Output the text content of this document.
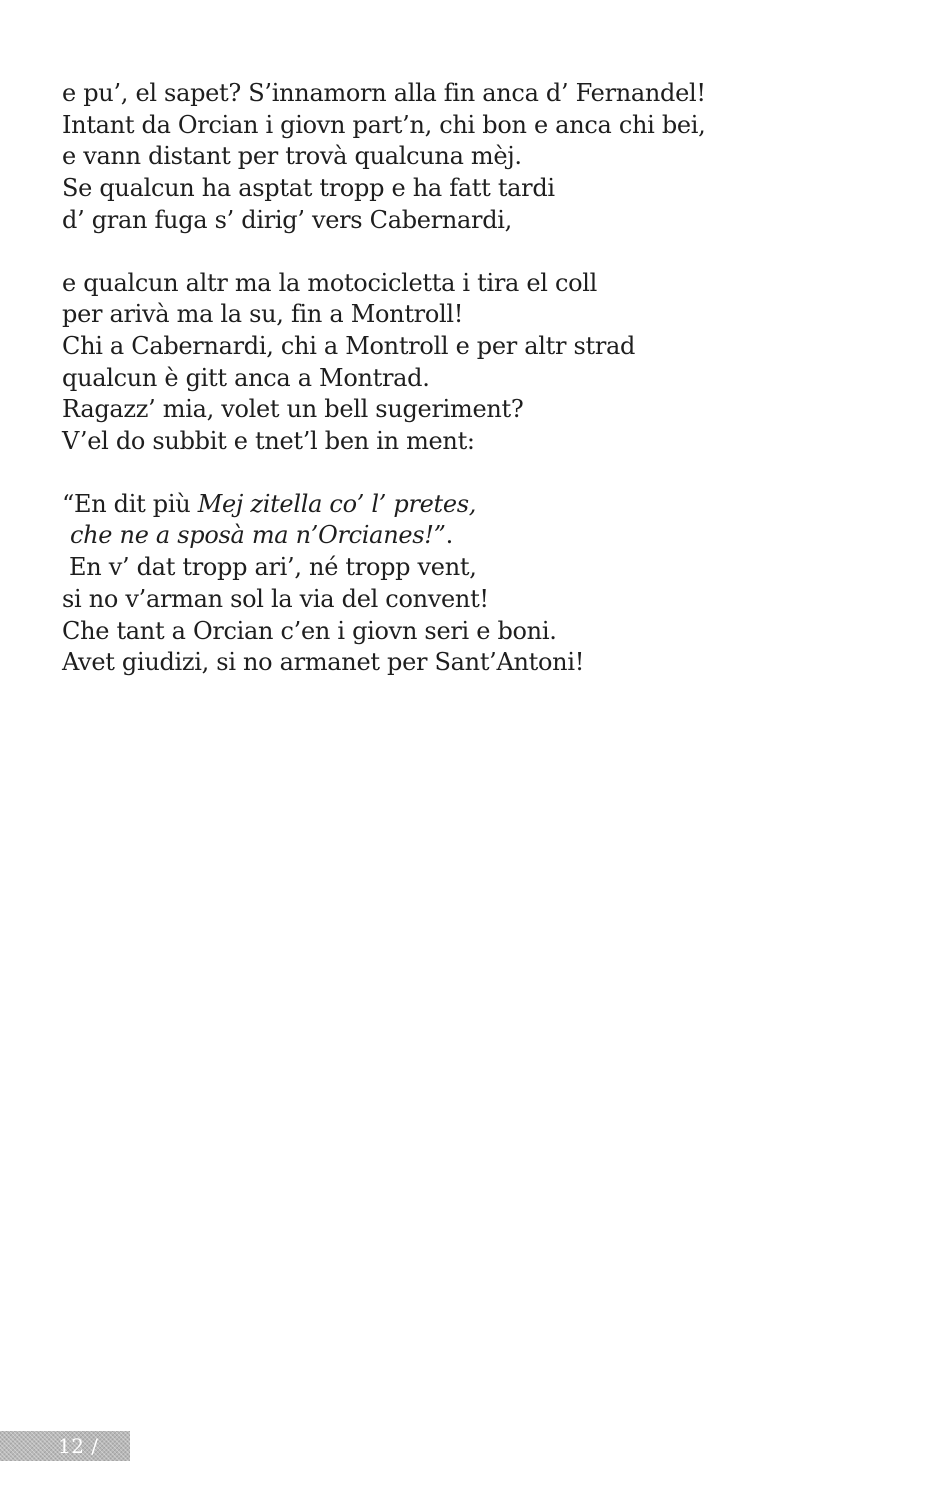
e pu’, el sapet? S’innamorn alla fin anca d’ Fernandel!
Intant da Orcian i giovn part’n, chi bon e anca chi bei,
e vann distant per trovà qualcuna mèj.
Se qualcun ha asptat tropp e ha fatt tardi
d’ gran fuga s’ dirig’ vers Cabernardi,
e qualcun altr ma la motocicletta i tira el coll
per arivà ma la su, fin a Montroll!
Chi a Cabernardi, chi a Montroll e per altr strad
qualcun è gitt anca a Montrad.
Ragazz’ mia, volet un bell sugeriment?
V’el do subbit e tnet’l ben in ment:
“En dit più Mej zitella co’ l’ pretes,
che ne a sposà ma n’Orcianes!”.
En v’ dat tropp ari’, né tropp vent,
si no v’arman sol la via del convent!
Che tant a Orcian c’en i giovn seri e boni.
Avet giudizi, si no armanet per Sant’Antoni!
12 / 13
